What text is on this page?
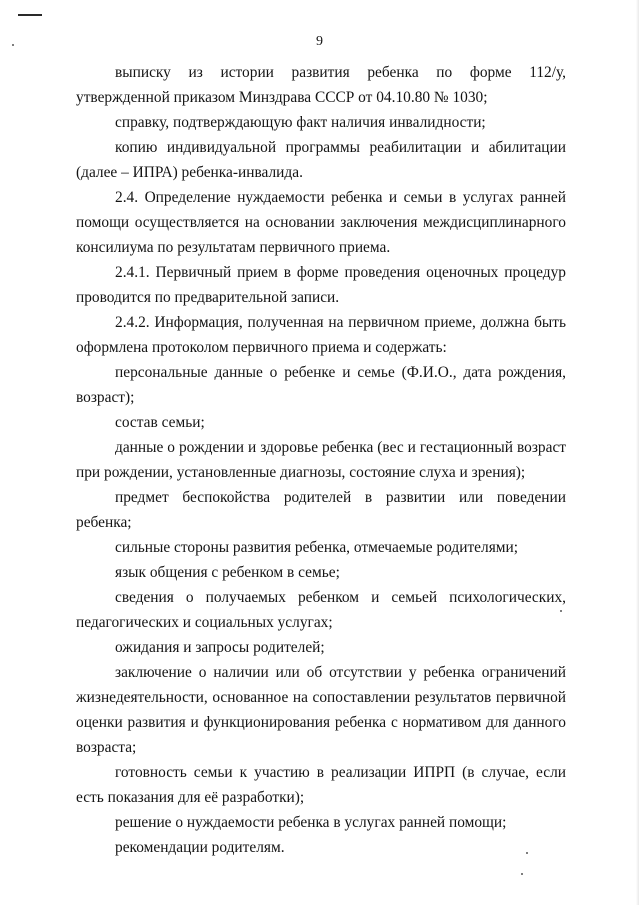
9

выписку из истории развития ребенка по форме 112/у, утвержденной приказом Минздрава СССР от 04.10.80 № 1030;

справку, подтверждающую факт наличия инвалидности;

копию индивидуальной программы реабилитации и абилитации (далее – ИПРА) ребенка-инвалида.

2.4. Определение нуждаемости ребенка и семьи в услугах ранней помощи осуществляется на основании заключения междисциплинарного консилиума по результатам первичного приема.

2.4.1. Первичный прием в форме проведения оценочных процедур проводится по предварительной записи.

2.4.2. Информация, полученная на первичном приеме, должна быть оформлена протоколом первичного приема и содержать:

персональные данные о ребенке и семье (Ф.И.О., дата рождения, возраст);

состав семьи;

данные о рождении и здоровье ребенка (вес и гестационный возраст при рождении, установленные диагнозы, состояние слуха и зрения);

предмет беспокойства родителей в развитии или поведении ребенка;

сильные стороны развития ребенка, отмечаемые родителями;

язык общения с ребенком в семье;

сведения о получаемых ребенком и семьей психологических, педагогических и социальных услугах;

ожидания и запросы родителей;

заключение о наличии или об отсутствии у ребенка ограничений жизнедеятельности, основанное на сопоставлении результатов первичной оценки развития и функционирования ребенка с нормативом для данного возраста;

готовность семьи к участию в реализации ИПРП (в случае, если есть показания для её разработки);

решение о нуждаемости ребенка в услугах ранней помощи;

рекомендации родителям.
